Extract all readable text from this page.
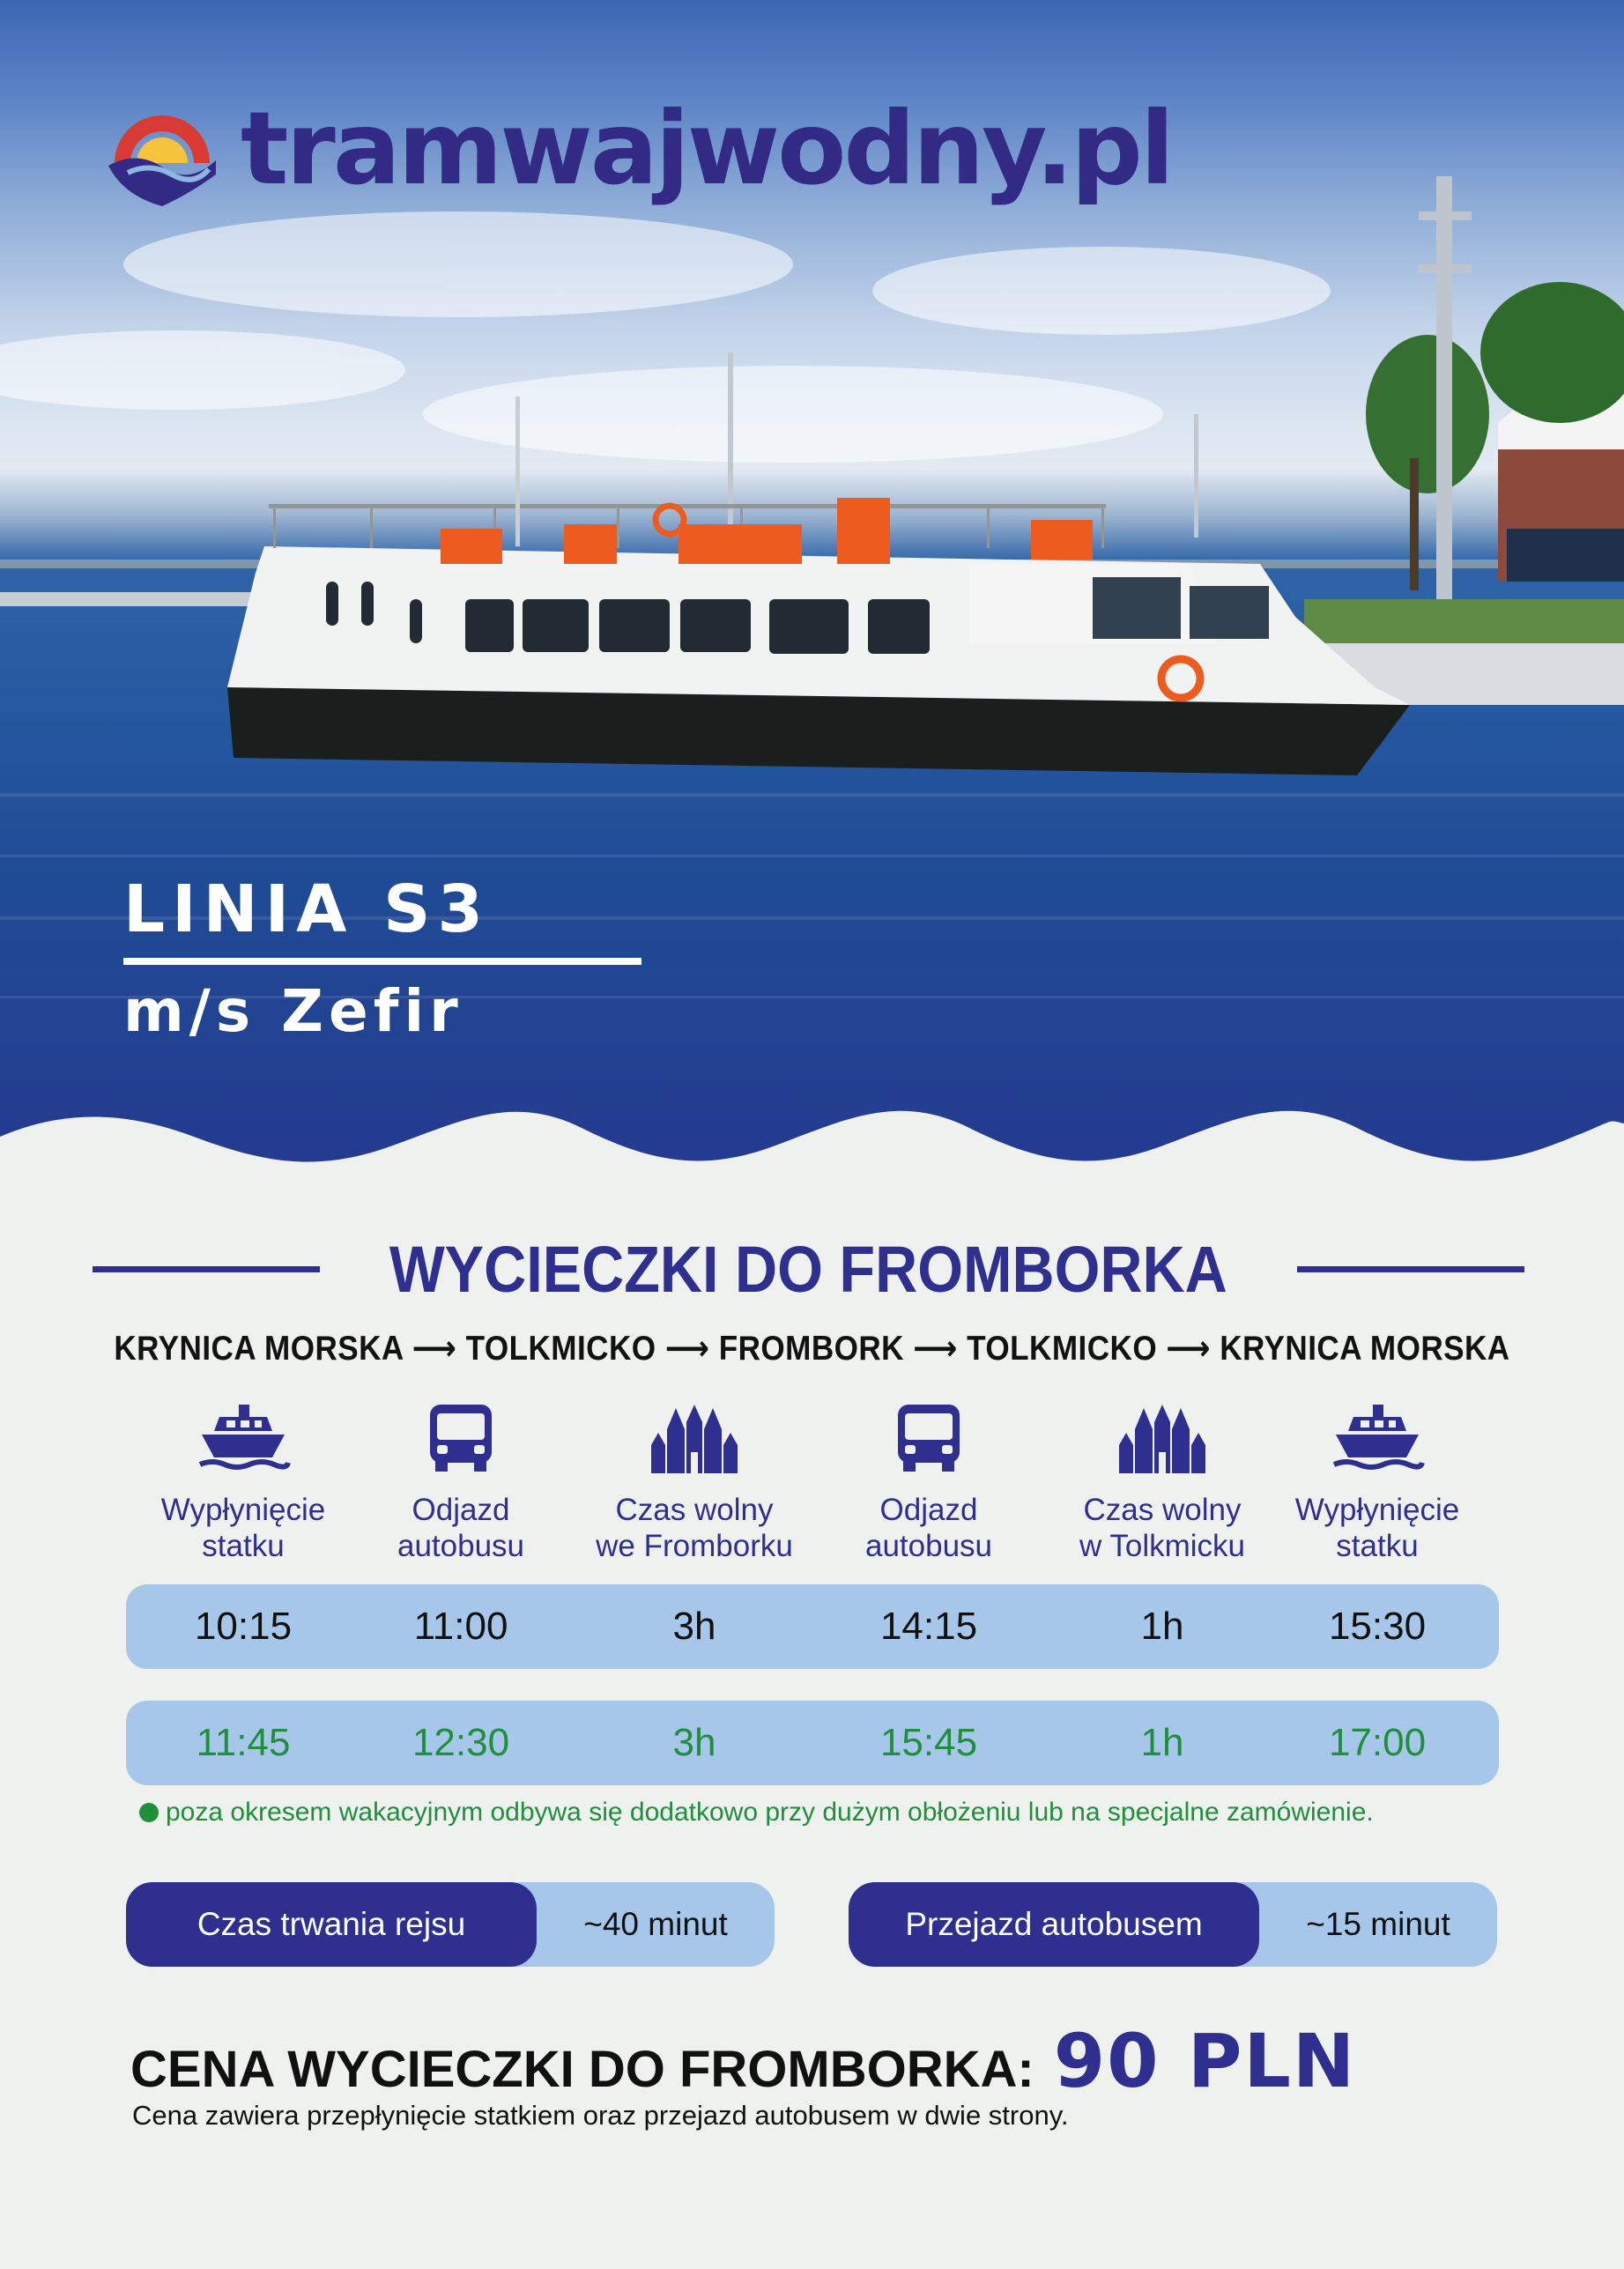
tramwajwodny.pl
LINIA S3
m/s Zefir
WYCIECZKI DO FROMBORKA
KRYNICA MORSKA ⟶ TOLKMICKO ⟶ FROMBORK ⟶ TOLKMICKO ⟶ KRYNICA MORSKA
Wypłynięcie
statku
Odjazd
autobusu
Czas wolny
we Fromborku
Odjazd
autobusu
Czas wolny
w Tolkmicku
Wypłynięcie
statku
10:15	11:00	3h	14:15	1h	15:30
11:45	12:30	3h	15:45	1h	17:00
poza okresem wakacyjnym odbywa się dodatkowo przy dużym obłożeniu lub na specjalne zamówienie.
Czas trwania rejsu	~40 minut	Przejazd autobusem	~15 minut
CENA WYCIECZKI DO FROMBORKA: 90 PLN
Cena zawiera przepłynięcie statkiem oraz przejazd autobusem w dwie strony.
